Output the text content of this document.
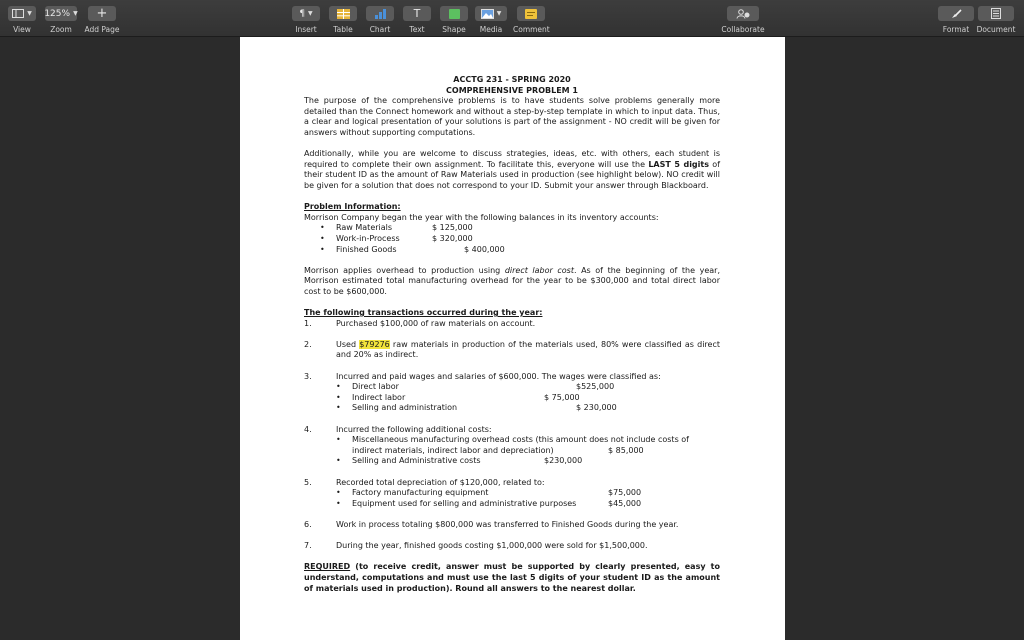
▼
View
125% ▼
Zoom
+
Add Page
¶ ▼
Insert	Table	Chart
T
Text	Shape
▼
Media	Comment	Collaborate	Format Document
ACCTG 231 - SPRING 2020
COMPREHENSIVE PROBLEM 1
The purpose of the comprehensive problems is to have students solve problems generally more detailed than the Connect homework and without a step-by-step template in which to input data. Thus, a clear and logical presentation of your solutions is part of the assignment - NO credit will be given for answers without supporting computations.
Additionally, while you are welcome to discuss strategies, ideas, etc. with others, each student is required to complete their own assignment. To facilitate this, everyone will use the LAST 5 digits of their student ID as the amount of Raw Materials used in production (see highlight below). NO credit will be given for a solution that does not correspond to your ID. Submit your answer through Blackboard.
Problem Information:
Morrison Company began the year with the following balances in its inventory accounts:
• Raw Materials	$ 125,000
• Work-in-Process	$ 320,000
• Finished Goods	$ 400,000
Morrison applies overhead to production using direct labor cost. As of the beginning of the year, Morrison estimated total manufacturing overhead for the year to be $300,000 and total direct labor cost to be $600,000.
The following transactions occurred during the year:
1.	Purchased $100,000 of raw materials on account.
2.	Used $79276 raw materials in production of the materials used, 80% were classified as direct and 20% as indirect.
3.	Incurred and paid wages and salaries of $600,000. The wages were classified as:
• Direct labor	$525,000
• Indirect labor	$ 75,000
• Selling and administration	$ 230,000
4.	Incurred the following additional costs:
• Miscellaneous manufacturing overhead costs (this amount does not include costs of indirect materials, indirect labor and depreciation)	$ 85,000
• Selling and Administrative costs	$230,000
5.	Recorded total depreciation of $120,000, related to:
• Factory manufacturing equipment	$75,000
• Equipment used for selling and administrative purposes	$45,000
6.	Work in process totaling $800,000 was transferred to Finished Goods during the year.
7.	During the year, finished goods costing $1,000,000 were sold for $1,500,000.
REQUIRED (to receive credit, answer must be supported by clearly presented, easy to understand, computations and must use the last 5 digits of your student ID as the amount of materials used in production). Round all answers to the nearest dollar.
